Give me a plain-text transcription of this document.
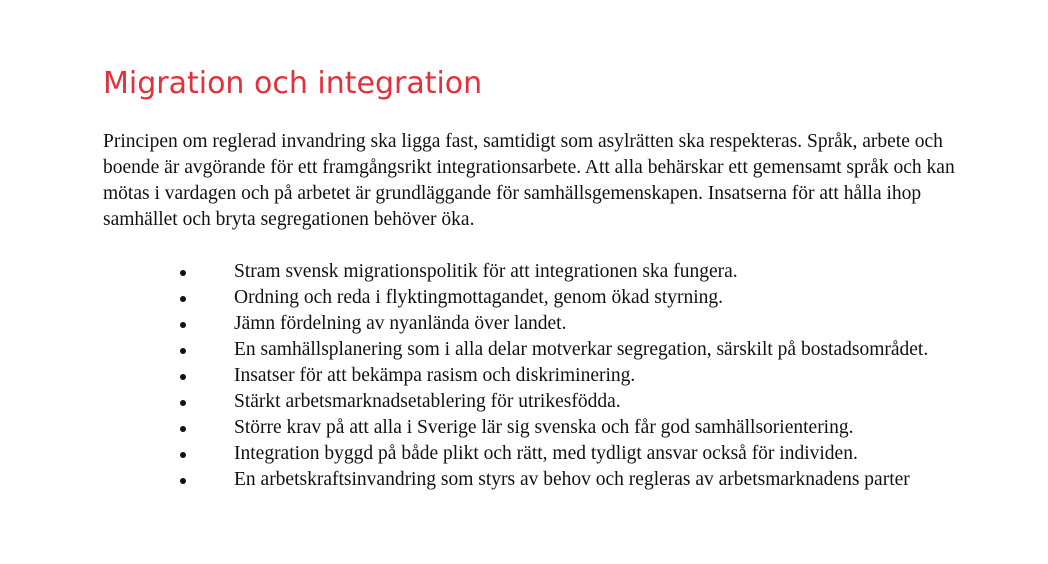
Migration och integration

Principen om reglerad invandring ska ligga fast, samtidigt som asylrätten ska respekteras. Språk, arbete och boende är avgörande för ett framgångsrikt integrationsarbete. Att alla behärskar ett gemensamt språk och kan mötas i vardagen och på arbetet är grundläggande för samhällsgemenskapen. Insatserna för att hålla ihop samhället och bryta segregationen behöver öka.

Stram svensk migrationspolitik för att integrationen ska fungera.
Ordning och reda i flyktingmottagandet, genom ökad styrning.
Jämn fördelning av nyanlända över landet.
En samhällsplanering som i alla delar motverkar segregation, särskilt på bostadsområdet.
Insatser för att bekämpa rasism och diskriminering.
Stärkt arbetsmarknadsetablering för utrikesfödda.
Större krav på att alla i Sverige lär sig svenska och får god samhällsorientering.
Integration byggd på både plikt och rätt, med tydligt ansvar också för individen.
En arbetskraftsinvandring som styrs av behov och regleras av arbetsmarknadens parter
